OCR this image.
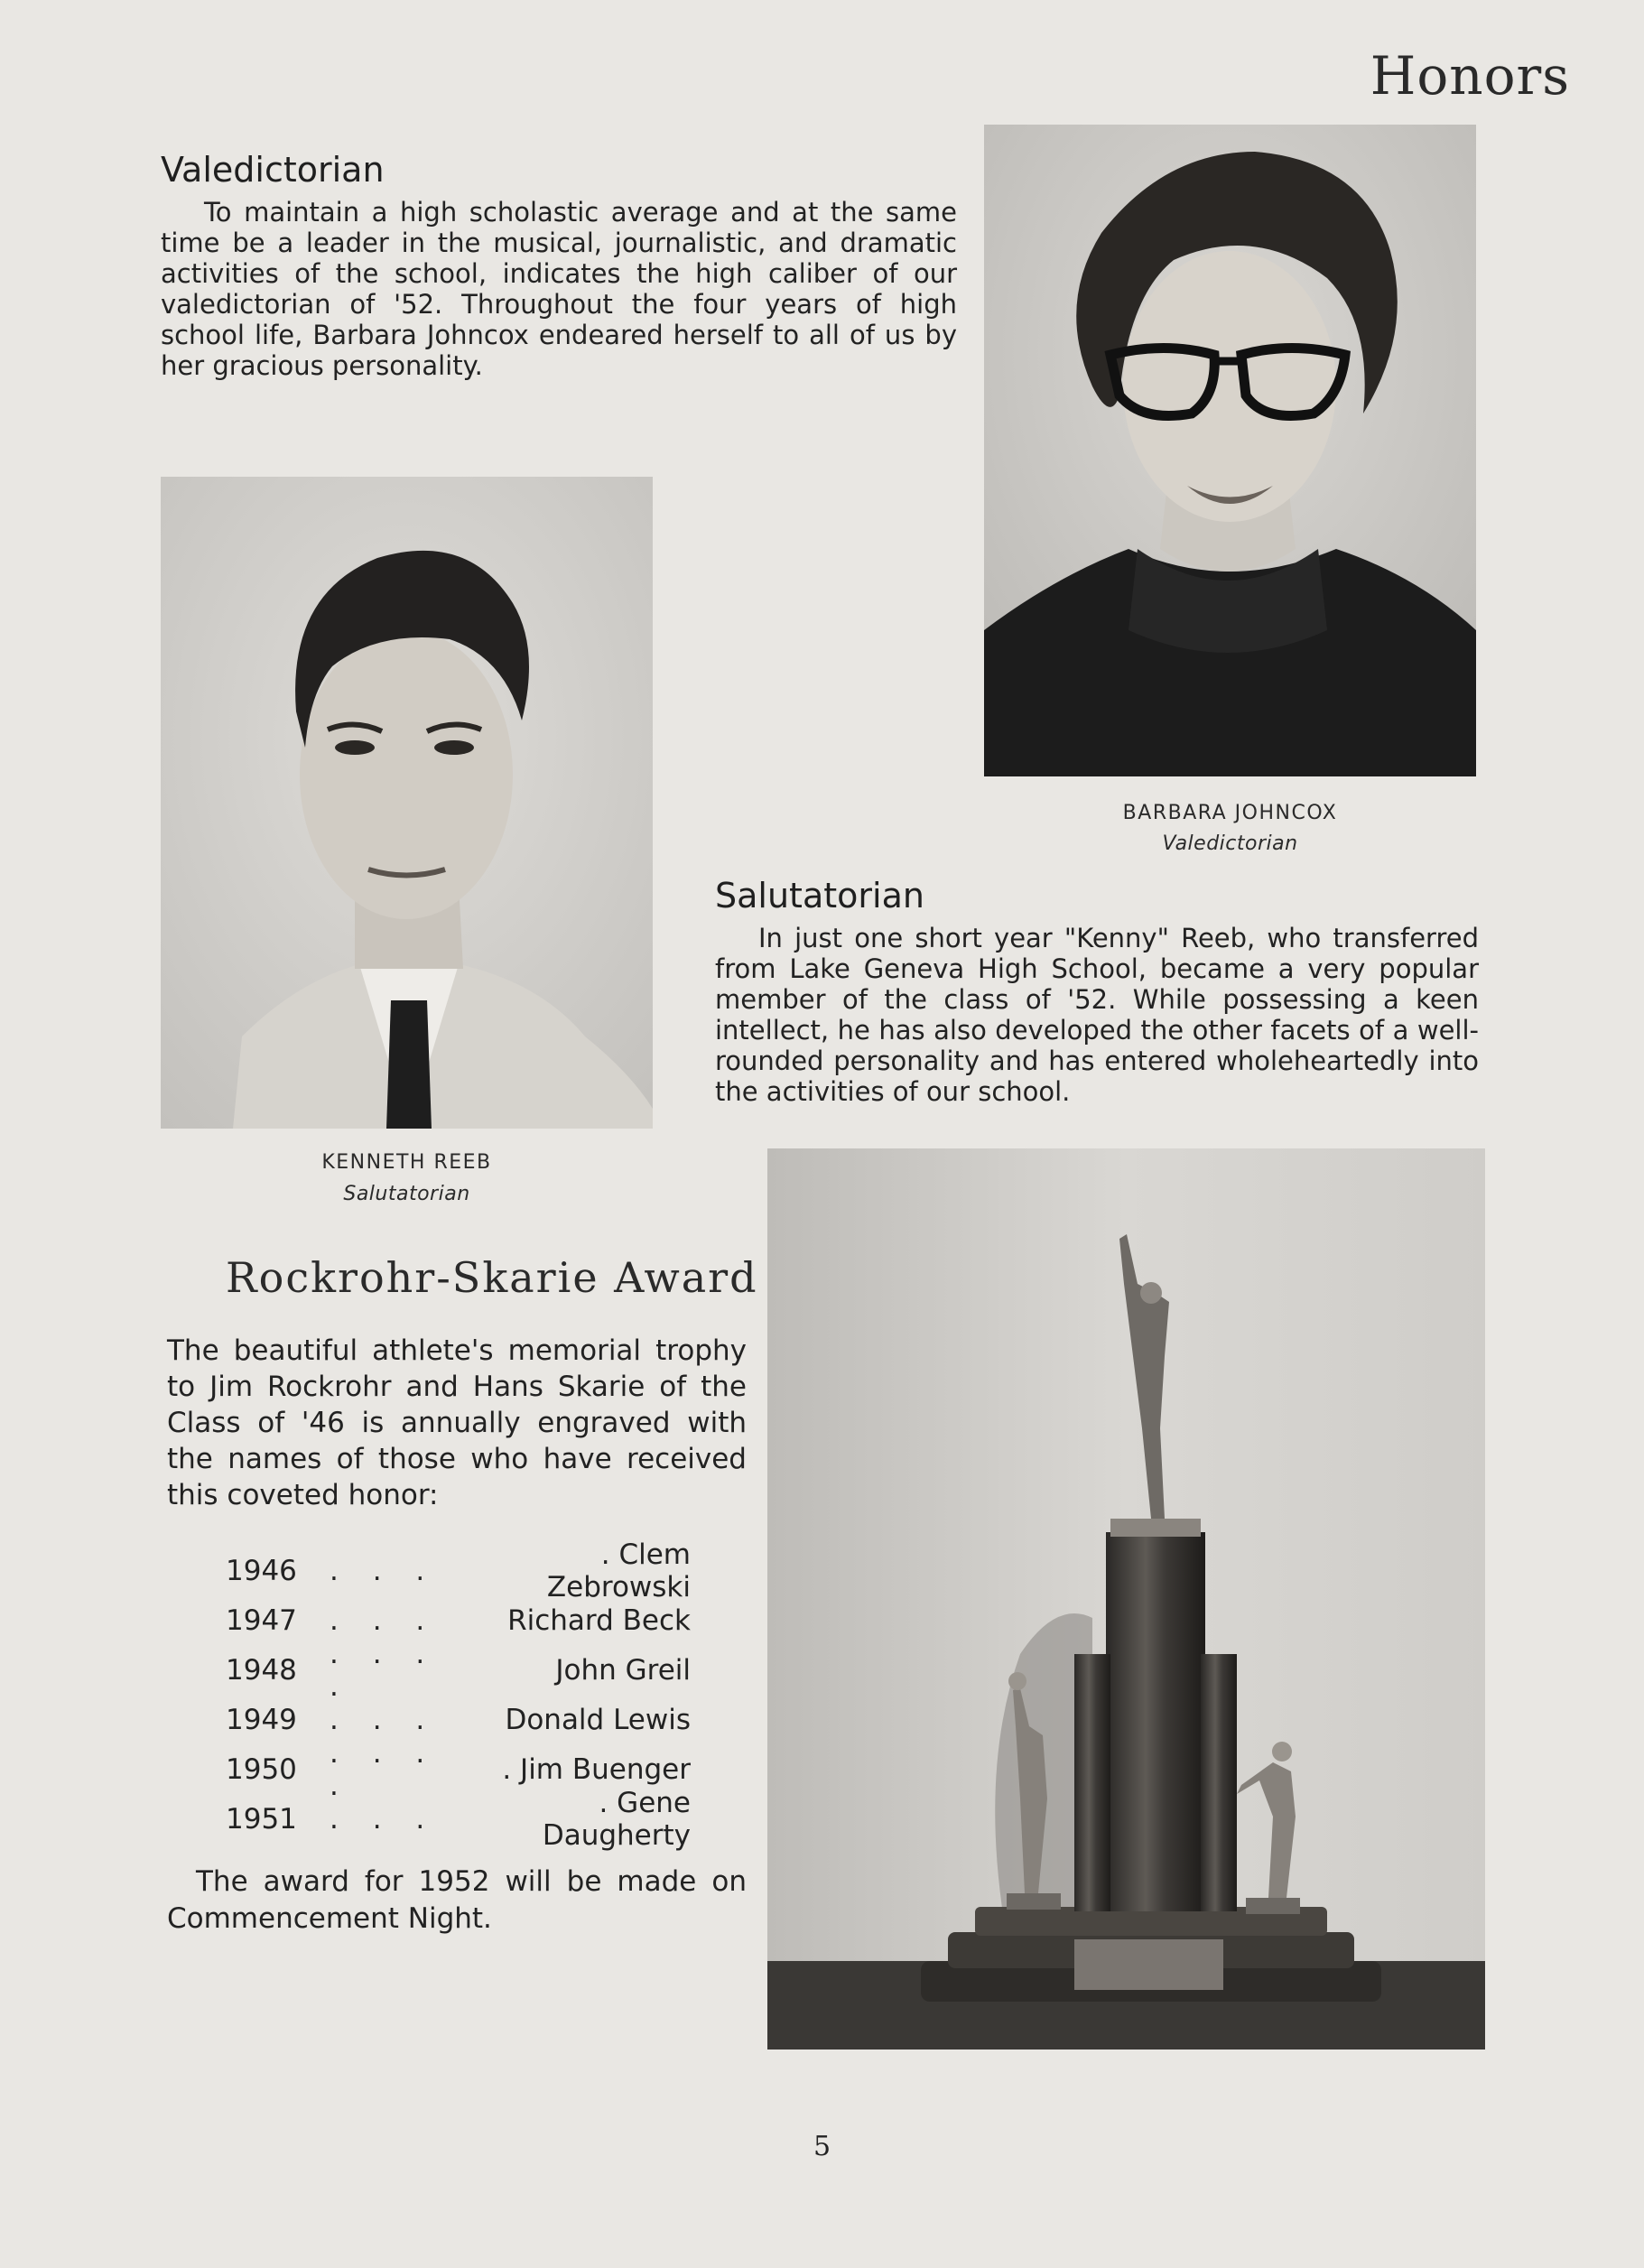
Honors
Valedictorian

To maintain a high scholastic average and at the same time be a leader in the musical, journalistic, and dramatic activities of the school, indicates the high caliber of our valedictorian of '52. Throughout the four years of high school life, Barbara Johncox endeared herself to all of us by her gracious personality.

BARBARA JOHNCOX
Valedictorian
KENNETH REEB
Salutatorian
Salutatorian

In just one short year "Kenny" Reeb, who transferred from Lake Geneva High School, became a very popular member of the class of '52. While possessing a keen intellect, he has also developed the other facets of a well-rounded personality and has entered wholeheartedly into the activities of our school.

Rockrohr-Skarie Award

The beautiful athlete's memorial trophy to Jim Rockrohr and Hans Skarie of the Class of '46 is annually engraved with the names of those who have received this coveted honor:

1946	. . .	. Clem Zebrowski
1947	. . .	Richard Beck
1948	. . . .	John Greil
1949	. . .	Donald Lewis
1950	. . . .	. Jim Buenger
1951	. . .	. Gene Daugherty

The award for 1952 will be made on Commencement Night.

5
